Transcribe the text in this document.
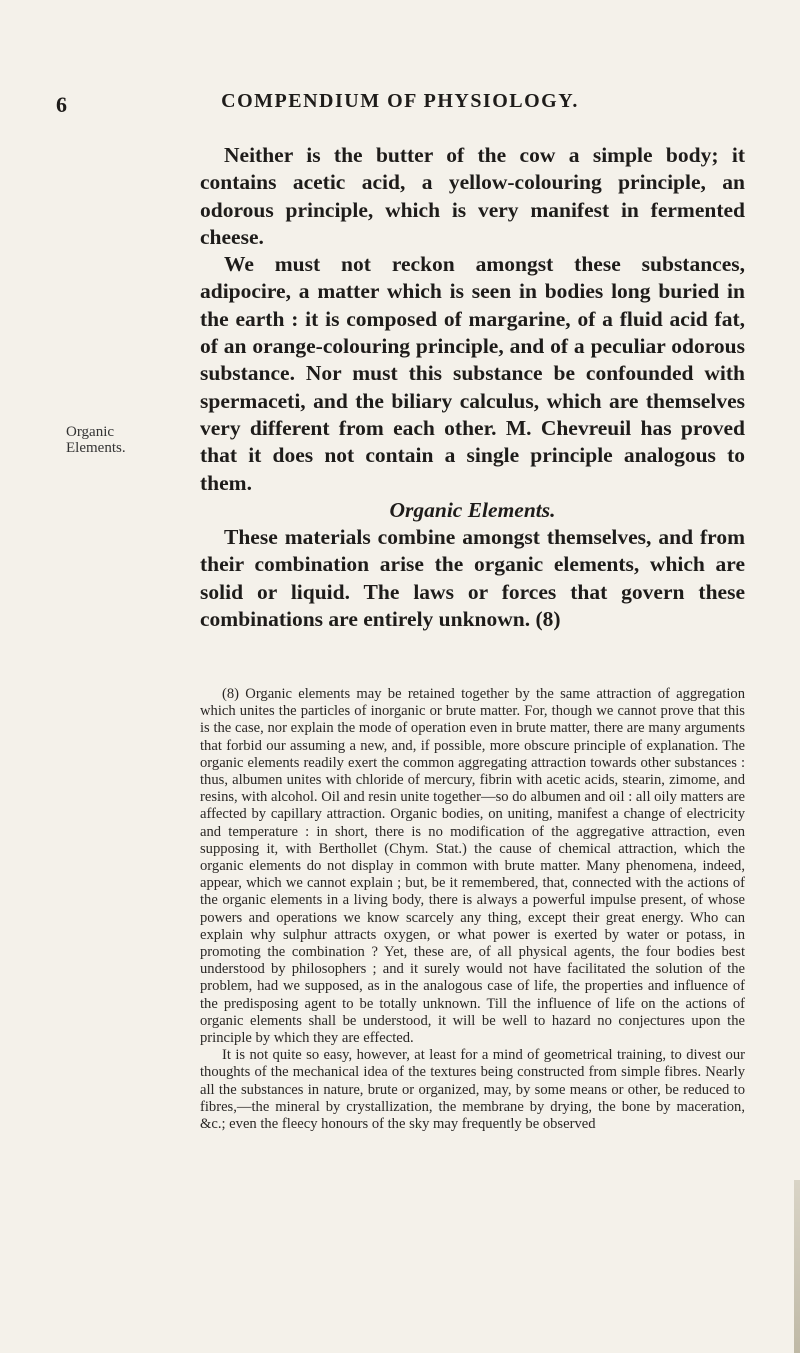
6	COMPENDIUM OF PHYSIOLOGY.

Neither is the butter of the cow a simple body; it contains acetic acid, a yellow-colouring principle, an odorous principle, which is very manifest in fermented cheese.

We must not reckon amongst these substances, adipocire, a matter which is seen in bodies long buried in the earth : it is composed of margarine, of a fluid acid fat, of an orange-colouring principle, and of a peculiar odorous substance. Nor must this substance be confounded with spermaceti, and the biliary calculus, which are themselves very different from each other. M. Chevreuil has proved that it does not contain a single principle analogous to them.

Organic Elements.

These materials combine amongst themselves, and from their combination arise the organic elements, which are solid or liquid. The laws or forces that govern these combinations are entirely unknown. (8)

Organic Elements.

(8) Organic elements may be retained together by the same attraction of aggregation which unites the particles of inorganic or brute matter. For, though we cannot prove that this is the case, nor explain the mode of operation even in brute matter, there are many arguments that forbid our assuming a new, and, if possible, more obscure principle of explanation. The organic elements readily exert the common aggregating attraction towards other substances : thus, albumen unites with chloride of mercury, fibrin with acetic acids, stearin, zimome, and resins, with alcohol. Oil and resin unite together—so do albumen and oil : all oily matters are affected by capillary attraction. Organic bodies, on uniting, manifest a change of electricity and temperature : in short, there is no modification of the aggregative attraction, even supposing it, with Berthollet (Chym. Stat.) the cause of chemical attraction, which the organic elements do not display in common with brute matter. Many phenomena, indeed, appear, which we cannot explain ; but, be it remembered, that, connected with the actions of the organic elements in a living body, there is always a powerful impulse present, of whose powers and operations we know scarcely any thing, except their great energy. Who can explain why sulphur attracts oxygen, or what power is exerted by water or potass, in promoting the combination ? Yet, these are, of all physical agents, the four bodies best understood by philosophers ; and it surely would not have facilitated the solution of the problem, had we supposed, as in the analogous case of life, the properties and influence of the predisposing agent to be totally unknown. Till the influence of life on the actions of organic elements shall be understood, it will be well to hazard no conjectures upon the principle by which they are effected.

It is not quite so easy, however, at least for a mind of geometrical training, to divest our thoughts of the mechanical idea of the textures being constructed from simple fibres. Nearly all the substances in nature, brute or organized, may, by some means or other, be reduced to fibres,—the mineral by crystallization, the membrane by drying, the bone by maceration, &c.; even the fleecy honours of the sky may frequently be observed
